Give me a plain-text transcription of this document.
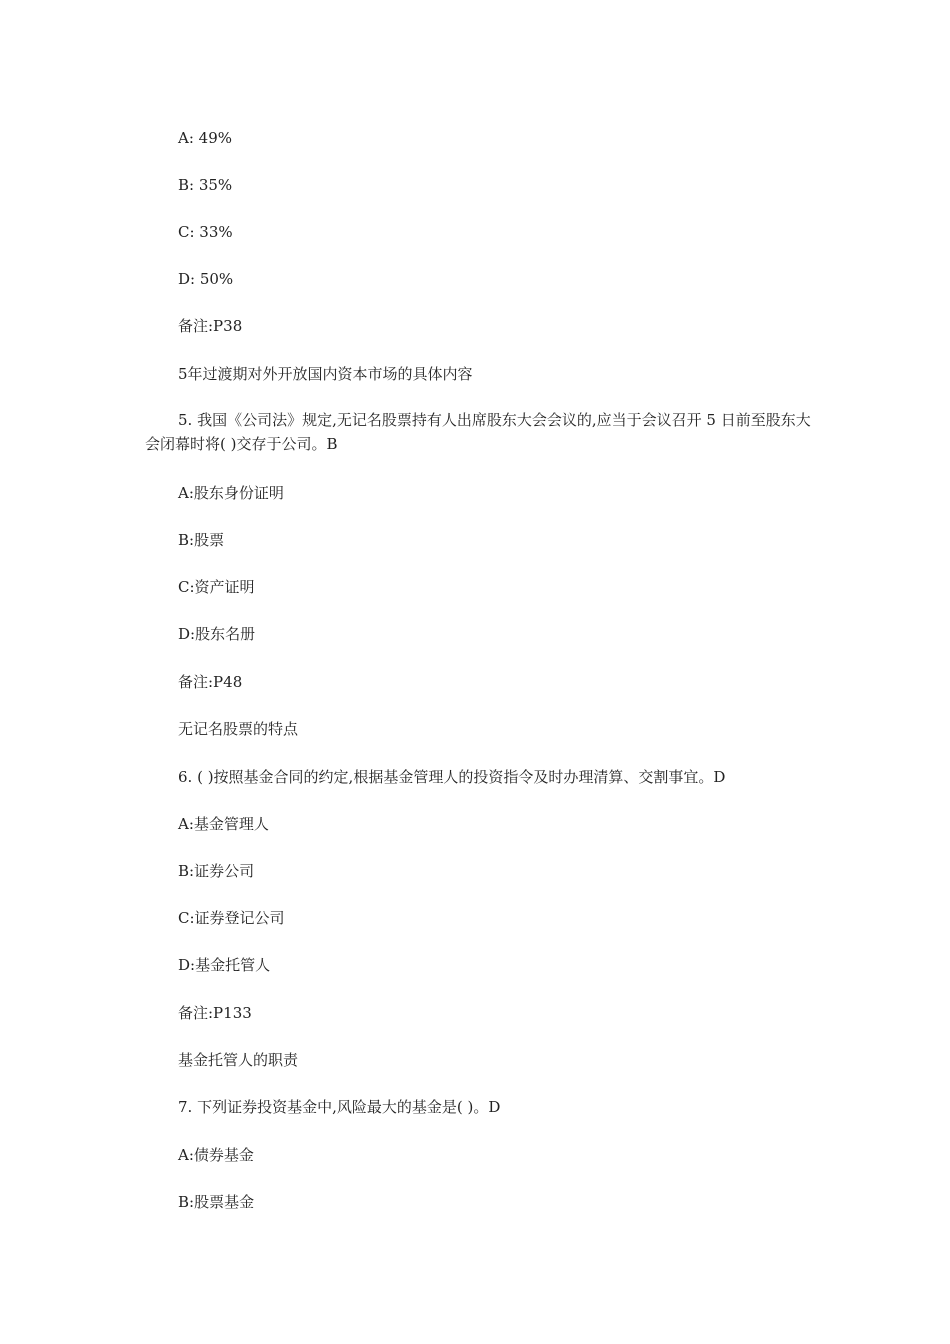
A: 49%
B: 35%
C: 33%
D: 50%
备注:P38
5年过渡期对外开放国内资本市场的具体内容
5. 我国《公司法》规定,无记名股票持有人出席股东大会会议的,应当于会议召开 5 日前至股东大会闭幕时将( )交存于公司。B
A:股东身份证明
B:股票
C:资产证明
D:股东名册
备注:P48
无记名股票的特点
6. ( )按照基金合同的约定,根据基金管理人的投资指令及时办理清算、交割事宜。D
A:基金管理人
B:证券公司
C:证券登记公司
D:基金托管人
备注:P133
基金托管人的职责
7. 下列证券投资基金中,风险最大的基金是( )。D
A:债券基金
B:股票基金
